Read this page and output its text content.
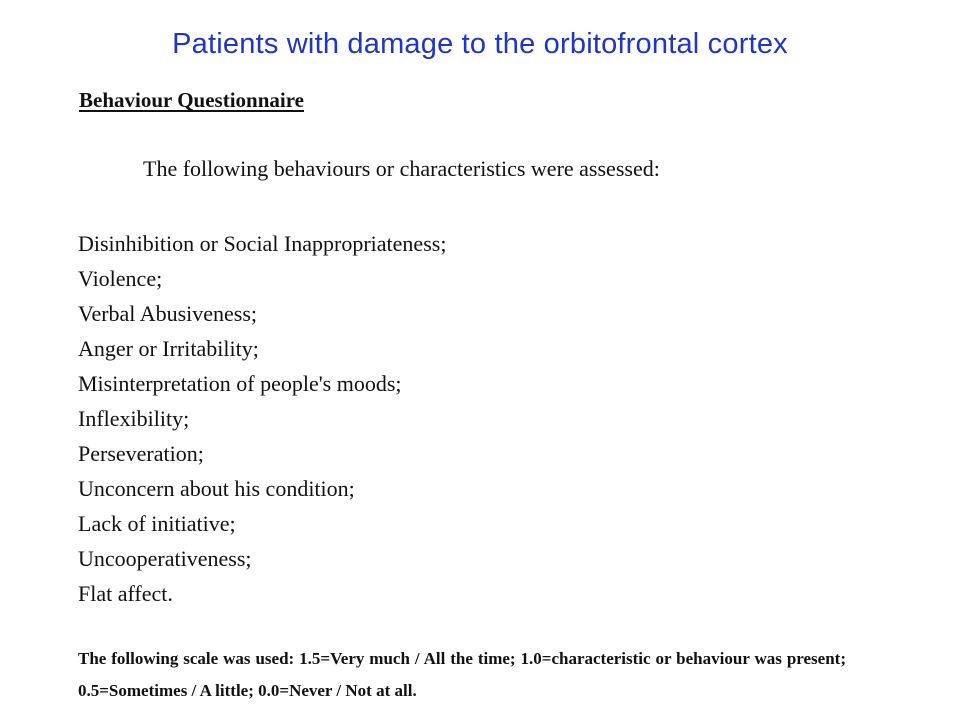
Patients with damage to the orbitofrontal cortex
Behaviour Questionnaire
The following behaviours or characteristics were assessed:
Disinhibition or Social Inappropriateness;
Violence;
Verbal Abusiveness;
Anger or Irritability;
Misinterpretation of people's moods;
Inflexibility;
Perseveration;
Unconcern about his condition;
Lack of initiative;
Uncooperativeness;
Flat affect.
The following scale was used: 1.5=Very much / All the time; 1.0=characteristic or behaviour was present; 0.5=Sometimes / A little; 0.0=Never / Not at all.
